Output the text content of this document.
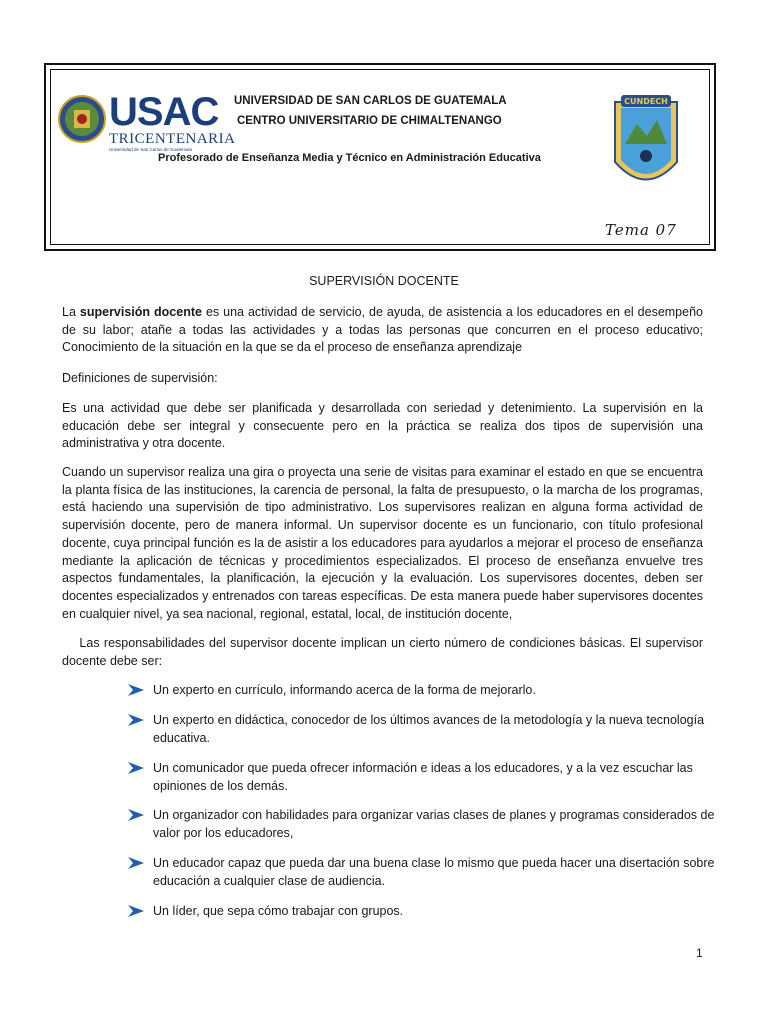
USAC
TRICENTENARIA
Universidad de San Carlos de Guatemala
UNIVERSIDAD DE SAN CARLOS DE GUATEMALA
CENTRO UNIVERSITARIO DE CHIMALTENANGO
Profesorado de Enseñanza Media y Técnico en Administración Educativa
CUNDECH
Tema 07
SUPERVISIÓN DOCENTE

La supervisión docente es una actividad de servicio, de ayuda, de asistencia a los educadores en el desempeño de su labor; atañe a todas las actividades y a todas las personas que concurren en el proceso educativo; Conocimiento de la situación en la que se da el proceso de enseñanza aprendizaje

Definiciones de supervisión:

Es una actividad que debe ser planificada y desarrollada con seriedad y detenimiento. La supervisión en la educación debe ser integral y consecuente pero en la práctica se realiza dos tipos de supervisión una administrativa y otra docente.

Cuando un supervisor realiza una gira o proyecta una serie de visitas para examinar el estado en que se encuentra la planta física de las instituciones, la carencia de personal, la falta de presupuesto, o la marcha de los programas, está haciendo una supervisión de tipo administrativo. Los supervisores realizan en alguna forma actividad de supervisión docente, pero de manera informal. Un supervisor docente es un funcionario, con título profesional docente, cuya principal función es la de asistir a los educadores para ayudarlos a mejorar el proceso de enseñanza mediante la aplicación de técnicas y procedimientos especializados. El proceso de enseñanza envuelve tres aspectos fundamentales, la planificación, la ejecución y la evaluación. Los supervisores docentes, deben ser docentes especializados y entrenados con tareas específicas. De esta manera puede haber supervisores docentes en cualquier nivel, ya sea nacional, regional, estatal, local, de institución docente,

Las responsabilidades del supervisor docente implican un cierto número de condiciones básicas. El supervisor docente debe ser:

Un experto en currículo, informando acerca de la forma de mejorarlo.
Un experto en didáctica, conocedor de los últimos avances de la metodología y la nueva tecnología educativa.
Un comunicador que pueda ofrecer información e ideas a los educadores, y a la vez escuchar las opiniones de los demás.
Un organizador con habilidades para organizar varias clases de planes y programas considerados de valor por los educadores,
Un educador capaz que pueda dar una buena clase lo mismo que pueda hacer una disertación sobre educación a cualquier clase de audiencia.
Un líder, que sepa cómo trabajar con grupos.
1
